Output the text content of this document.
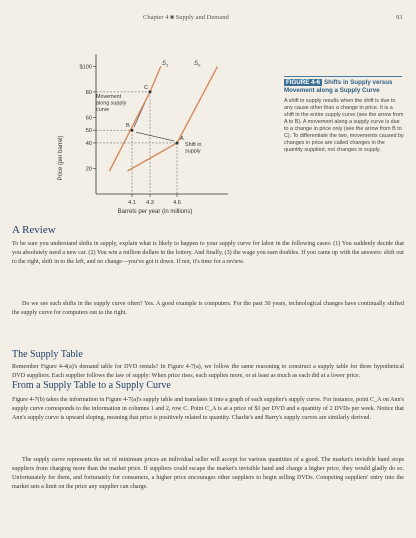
Chapter 4 ■ Supply and Demand	93
A
B
C
$100
80
60
50
40
20
4.1 4.3	4.6
Price (per barrel)
Barrels per year (in millions)
$S_1$	$S_0$
Movement along supply curve
Shift in supply
FIGURE 4-6 Shifts in Supply versus Movement along a Supply Curve
A shift in supply results when the shift is due to any cause other than a change in price. It is a shift in the entire supply curve (see the arrow from A to B). A movement along a supply curve is due to a change in price only (see the arrow from B to C). To differentiate the two, movements caused by changes in price are called changes in the quantity supplied, not changes in supply.
A Review

To be sure you understand shifts in supply, explain what is likely to happen to your supply curve for labor in the following cases: (1) You suddenly decide that you absolutely need a new car. (2) You win a million dollars in the lottery. And finally, (3) the wage you earn doubles. If you came up with the answers: shift out to the right, shift in to the left, and no change—you've got it down. If not, it's time for a review.

Do we see such shifts in the supply curve often? Yes. A good example is computers. For the past 30 years, technological changes have continually shifted the supply curve for computers out to the right.

The Supply Table

Remember Figure 4-4(a)'s demand table for DVD rentals? In Figure 4-7(a), we follow the same reasoning to construct a supply table for three hypothetical DVD suppliers. Each supplier follows the law of supply: When price rises, each supplies more, or at least as much as each did at a lower price.

From a Supply Table to a Supply Curve

Figure 4-7(b) takes the information in Figure 4-7(a)'s supply table and translates it into a graph of each supplier's supply curve. For instance, point C_A on Ann's supply curve corresponds to the information in columns 1 and 2, row C. Point C_A is at a price of $1 per DVD and a quantity of 2 DVDs per week. Notice that Ann's supply curve is upward sloping, meaning that price is positively related to quantity. Charlie's and Barry's supply curves are similarly derived.

The supply curve represents the set of minimum prices an individual seller will accept for various quantities of a good. The market's invisible hand stops suppliers from charging more than the market price. If suppliers could escape the market's invisible hand and charge a higher price, they would gladly do so. Unfortunately for them, and fortunately for consumers, a higher price encourages other suppliers to begin selling DVDs. Competing suppliers' entry into the market sets a limit on the price any supplier can charge.
